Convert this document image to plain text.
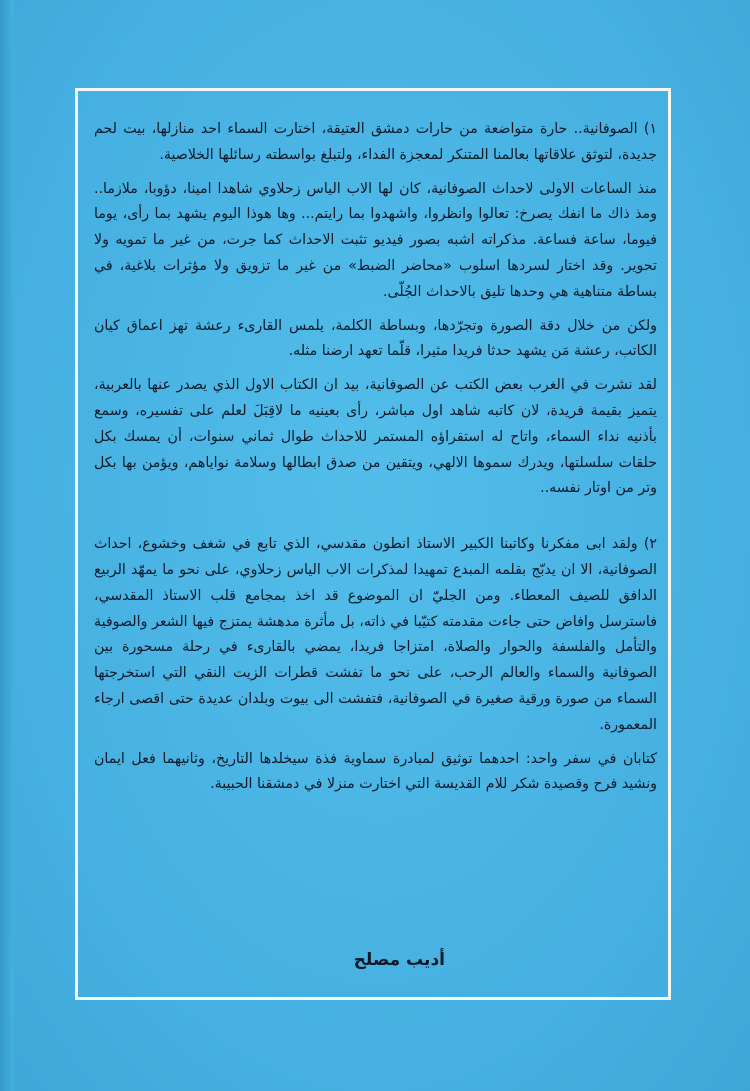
١) الصوفانية.. حارة متواضعة من حارات دمشق العتيقة، اختارت السماء احد منازلها، بيت لحم جديدة، لتوثق علاقاتها بعالمنا المتنكر لمعجزة الفداء، ولتبلغ بواسطته رسائلها الخلاصية.

منذ الساعات الاولى لاحداث الصوفانية، كان لها الاب الياس زحلاوي شاهدا امينا، دؤوبا، ملازما.. ومذ ذاك ما انفك يصرخ: تعالوا وانظروا، واشهدوا بما رايتم... وها هوذا اليوم يشهد بما رأى، يوما فيوما، ساعة فساعة. مذكراته اشبه بصور فيديو تثبت الاحداث كما جرت، من غير ما تمويه ولا تحوير. وقد اختار لسردها اسلوب «محاضر الضبط» من غير ما تزويق ولا مؤثرات بلاغية، في بساطة متناهية هي وحدها تليق بالاحداث الجُلّى.

ولكن من خلال دقة الصورة وتجرّدها، وبساطة الكلمة، يلمس القارىء رعشة تهز اعماق كيان الكاتب، رعشة مَن يشهد حدثا فريدا مثيرا، قلّما تعهد ارضنا مثله.

لقد نشرت في الغرب بعض الكتب عن الصوفانية، بيد ان الكتاب الاول الذي يصدر عنها بالعربية، يتميز بقيمة فريدة، لان كاتبه شاهد اول مباشر، رأى بعينيه ما لاقِبَلَ لعلم على تفسيره، وسمع بأذنيه نداء السماء، واتاح له استقراؤه المستمر للاحداث طوال ثماني سنوات، أن يمسك بكل حلقات سلسلتها، ويدرك سموها الالهي، ويتقين من صدق ابطالها وسلامة نواياهم، ويؤمن بها بكل وتر من اوتار نفسه..

٢) ولقد ابى مفكرنا وكاتبنا الكبير الاستاذ انطون مقدسي، الذي تابع في شغف وخشوع، احداث الصوفانية، الا ان يدبّج بقلمه المبدع تمهيدا لمذكرات الاب الياس زحلاوي، على نحو ما يمهّد الربيع الدافق للصيف المعطاء. ومن الجليّ ان الموضوع قد اخذ بمجامع قلب الاستاذ المقدسي، فاسترسل وافاض حتى جاءت مقدمته كتيّبا في ذاته، بل مأثرة مدهشة يمتزج فيها الشعر والصوفية والتأمل والفلسفة والحوار والصلاة، امتزاجا فريدا، يمضي بالقارىء في رحلة مسحورة بين الصوفانية والسماء والعالم الرحب، على نحو ما تفشت قطرات الزيت النقي التي استخرجتها السماء من صورة ورقية صغيرة في الصوفانية، فتفشت الى بيوت وبلدان عديدة حتى اقصى ارجاء المعمورة.

كتابان في سفر واحد: احدهما توثيق لمبادرة سماوية فذة سيخلدها التاريخ، وثانيهما فعل ايمان ونشيد فرح وقصيدة شكر للام القديسة التي اختارت منزلا في دمشقنا الحبيبة.

أديب مصلح
